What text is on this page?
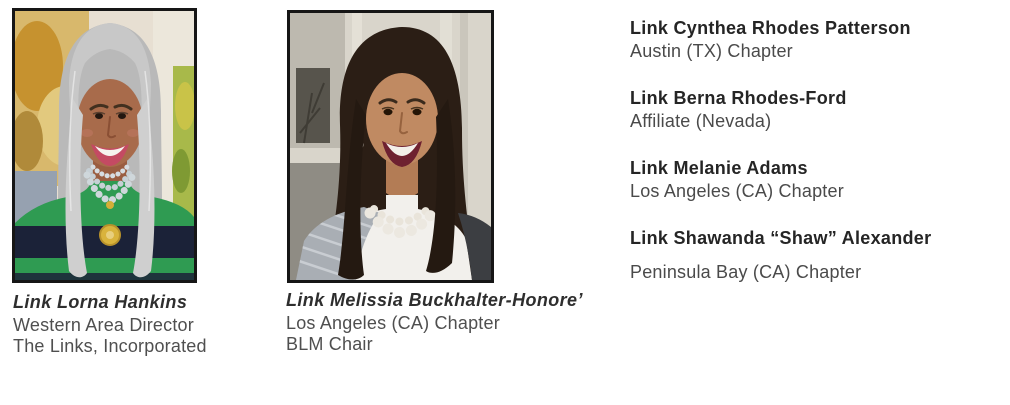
Link Lorna Hankins
Western Area Director
The Links, Incorporated
Link Melissia Buckhalter-Honore’
Los Angeles (CA) Chapter
BLM Chair
Link Cynthea Rhodes Patterson
Austin (TX) Chapter
Link Berna Rhodes-Ford
Affiliate (Nevada)
Link Melanie Adams
Los Angeles (CA) Chapter
Link Shawanda “Shaw” Alexander
Peninsula Bay (CA) Chapter
